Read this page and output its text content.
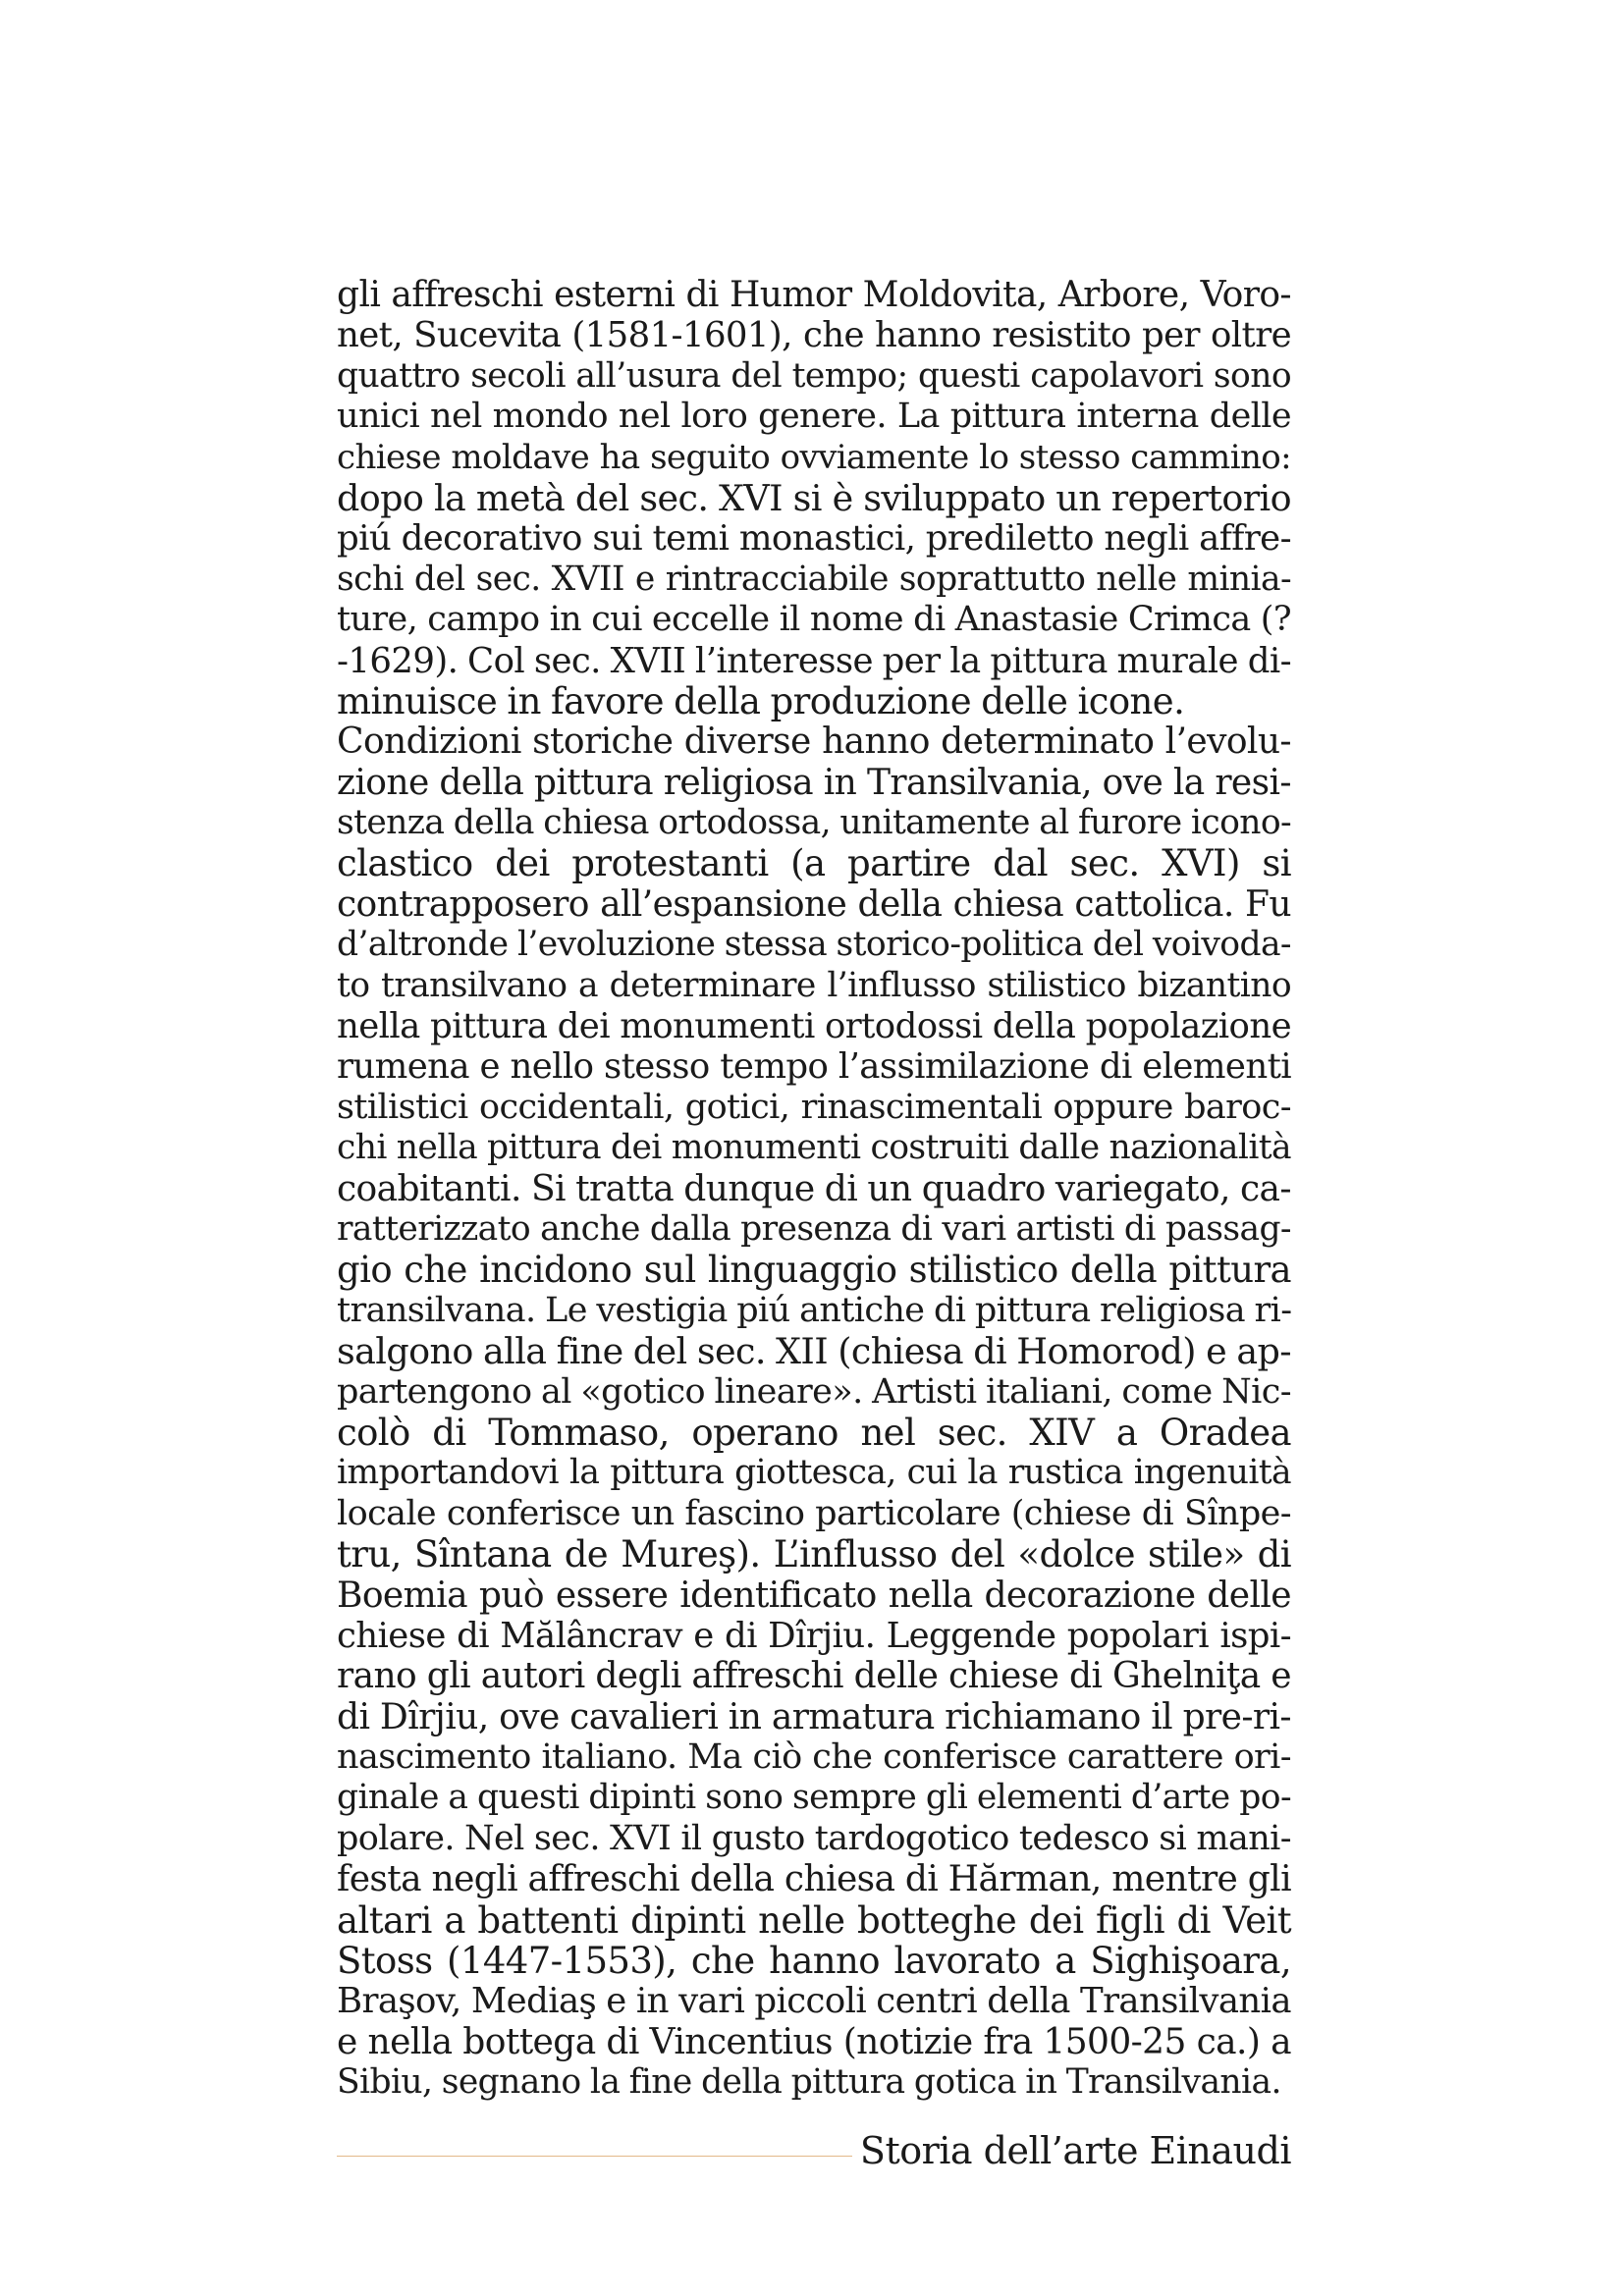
gli affreschi esterni di Humor Moldovita, Arbore, Voro-
net, Sucevita (1581-1601), che hanno resistito per oltre
quattro secoli all’usura del tempo; questi capolavori sono
unici nel mondo nel loro genere. La pittura interna delle
chiese moldave ha seguito ovviamente lo stesso cammino:
dopo la metà del sec. XVI si è sviluppato un repertorio
piú decorativo sui temi monastici, prediletto negli affre-
schi del sec. XVII e rintracciabile soprattutto nelle minia-
ture, campo in cui eccelle il nome di Anastasie Crimca (?
-1629). Col sec. XVII l’interesse per la pittura murale di-
minuisce in favore della produzione delle icone.
Condizioni storiche diverse hanno determinato l’evolu-
zione della pittura religiosa in Transilvania, ove la resi-
stenza della chiesa ortodossa, unitamente al furore icono-
clastico dei protestanti (a partire dal sec. XVI) si
contrapposero all’espansione della chiesa cattolica. Fu
d’altronde l’evoluzione stessa storico-politica del voivoda-
to transilvano a determinare l’influsso stilistico bizantino
nella pittura dei monumenti ortodossi della popolazione
rumena e nello stesso tempo l’assimilazione di elementi
stilistici occidentali, gotici, rinascimentali oppure baroc-
chi nella pittura dei monumenti costruiti dalle nazionalità
coabitanti. Si tratta dunque di un quadro variegato, ca-
ratterizzato anche dalla presenza di vari artisti di passag-
gio che incidono sul linguaggio stilistico della pittura
transilvana. Le vestigia piú antiche di pittura religiosa ri-
salgono alla fine del sec. XII (chiesa di Homorod) e ap-
partengono al «gotico lineare». Artisti italiani, come Nic-
colò di Tommaso, operano nel sec. XIV a Oradea
importandovi la pittura giottesca, cui la rustica ingenuità
locale conferisce un fascino particolare (chiese di Sînpe-
tru, Sîntana de Mureş). L’influsso del «dolce stile» di
Boemia può essere identificato nella decorazione delle
chiese di Mălâncrav e di Dîrjiu. Leggende popolari ispi-
rano gli autori degli affreschi delle chiese di Ghelniţa e
di Dîrjiu, ove cavalieri in armatura richiamano il pre-ri-
nascimento italiano. Ma ciò che conferisce carattere ori-
ginale a questi dipinti sono sempre gli elementi d’arte po-
polare. Nel sec. XVI il gusto tardogotico tedesco si mani-
festa negli affreschi della chiesa di Hărman, mentre gli
altari a battenti dipinti nelle botteghe dei figli di Veit
Stoss (1447-1553), che hanno lavorato a Sighişoara,
Braşov, Mediaş e in vari piccoli centri della Transilvania
e nella bottega di Vincentius (notizie fra 1500-25 ca.) a
Sibiu, segnano la fine della pittura gotica in Transilvania.
Storia dell’arte Einaudi
